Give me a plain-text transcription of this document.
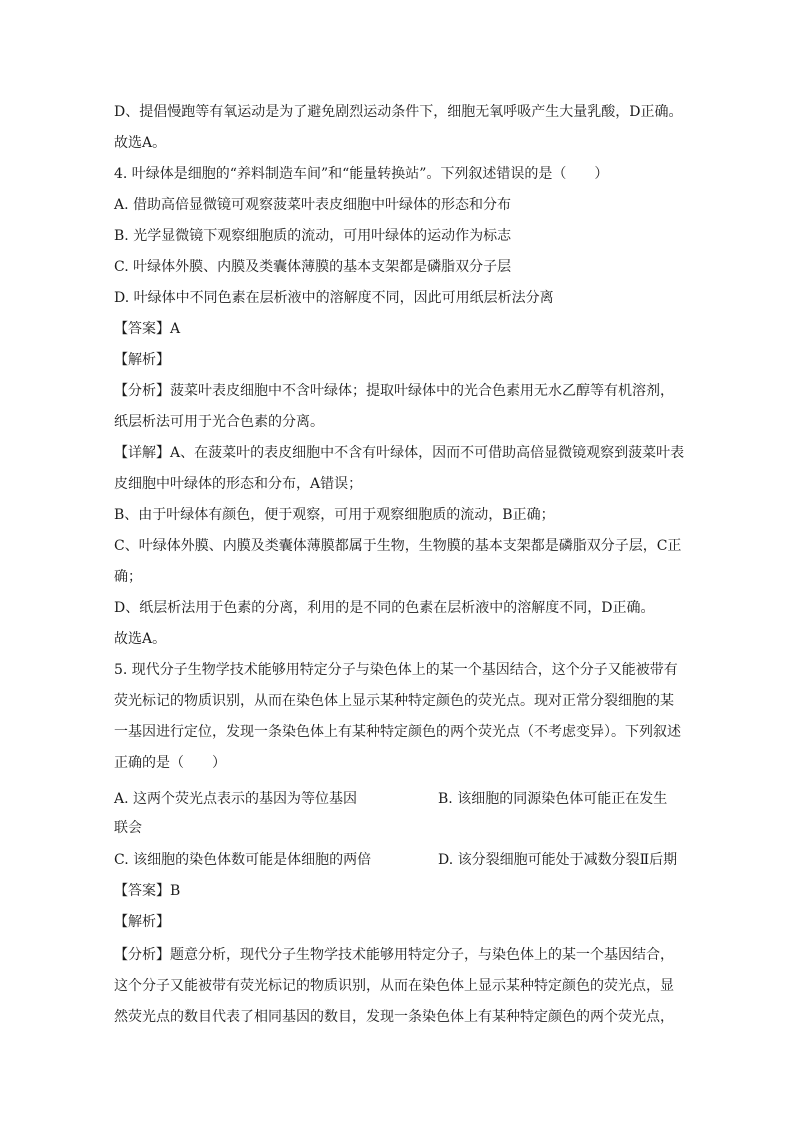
D、提倡慢跑等有氧运动是为了避免剧烈运动条件下，细胞无氧呼吸产生大量乳酸，D正确。
故选A。
4. 叶绿体是细胞的“养料制造车间”和“能量转换站”。下列叙述错误的是（　　）
A. 借助高倍显微镜可观察菠菜叶表皮细胞中叶绿体的形态和分布
B. 光学显微镜下观察细胞质的流动，可用叶绿体的运动作为标志
C. 叶绿体外膜、内膜及类囊体薄膜的基本支架都是磷脂双分子层
D. 叶绿体中不同色素在层析液中的溶解度不同，因此可用纸层析法分离
【答案】A
【解析】
【分析】菠菜叶表皮细胞中不含叶绿体；提取叶绿体中的光合色素用无水乙醇等有机溶剂，
纸层析法可用于光合色素的分离。
【详解】A、在菠菜叶的表皮细胞中不含有叶绿体，因而不可借助高倍显微镜观察到菠菜叶表
皮细胞中叶绿体的形态和分布，A错误；
B、由于叶绿体有颜色，便于观察，可用于观察细胞质的流动，B正确；
C、叶绿体外膜、内膜及类囊体薄膜都属于生物，生物膜的基本支架都是磷脂双分子层，C正
确；
D、纸层析法用于色素的分离，利用的是不同的色素在层析液中的溶解度不同，D正确。
故选A。
5. 现代分子生物学技术能够用特定分子与染色体上的某一个基因结合，这个分子又能被带有
荧光标记的物质识别，从而在染色体上显示某种特定颜色的荧光点。现对正常分裂细胞的某
一基因进行定位，发现一条染色体上有某种特定颜色的两个荧光点（不考虑变异）。下列叙述
正确的是（　　）
A. 这两个荧光点表示的基因为等位基因	B. 该细胞的同源染色体可能正在发生
联会
C. 该细胞的染色体数可能是体细胞的两倍	D. 该分裂细胞可能处于减数分裂Ⅱ后期
【答案】B
【解析】
【分析】题意分析，现代分子生物学技术能够用特定分子，与染色体上的某一个基因结合，
这个分子又能被带有荧光标记的物质识别，从而在染色体上显示某种特定颜色的荧光点，显
然荧光点的数目代表了相同基因的数目，发现一条染色体上有某种特定颜色的两个荧光点，
